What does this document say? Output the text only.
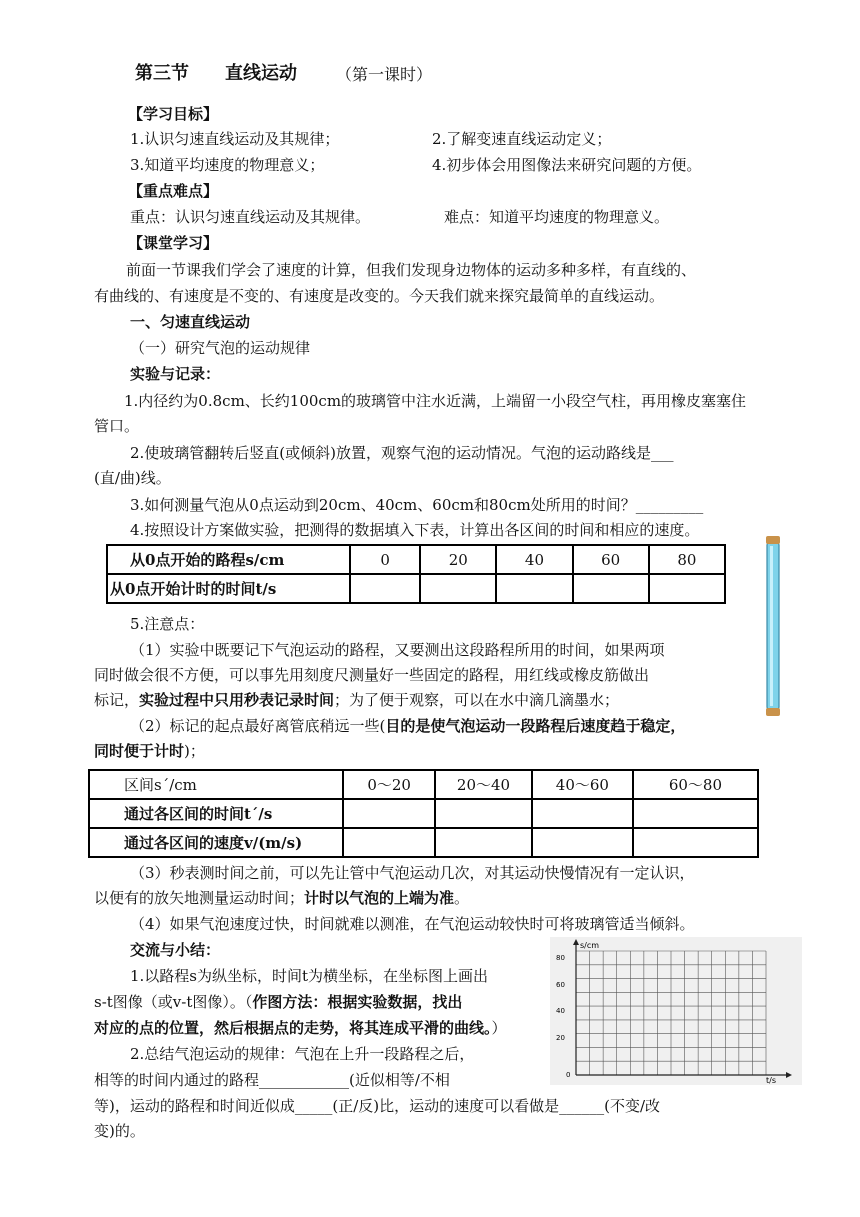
第三节 直线运动 （第一课时）
【学习目标】
1.认识匀速直线运动及其规律；	2.了解变速直线运动定义；
3.知道平均速度的物理意义；	4.初步体会用图像法来研究问题的方便。
【重点难点】
重点：认识匀速直线运动及其规律。	难点：知道平均速度的物理意义。
【课堂学习】
前面一节课我们学会了速度的计算，但我们发现身边物体的运动多种多样，有直线的、
有曲线的、有速度是不变的、有速度是改变的。今天我们就来探究最简单的直线运动。
一、匀速直线运动
（一）研究气泡的运动规律
实验与记录：
1.内径约为0.8cm、长约100cm的玻璃管中注水近满，上端留一小段空气柱，再用橡皮塞塞住
管口。
2.使玻璃管翻转后竖直(或倾斜)放置，观察气泡的运动情况。气泡的运动路线是___
(直/曲)线。
3.如何测量气泡从0点运动到20cm、40cm、60cm和80cm处所用的时间？_________
4.按照设计方案做实验，把测得的数据填入下表，计算出各区间的时间和相应的速度。
从0点开始的路程s/cm	0	20	40	60	80
从0点开始计时的时间t/s					
5.注意点：
（1）实验中既要记下气泡运动的路程，又要测出这段路程所用的时间，如果两项
同时做会很不方便，可以事先用刻度尺测量好一些固定的路程，用红线或橡皮筋做出
标记，实验过程中只用秒表记录时间；为了便于观察，可以在水中滴几滴墨水；
（2）标记的起点最好离管底稍远一些(目的是使气泡运动一段路程后速度趋于稳定，
同时便于计时)；
区间s´/cm	0～20	20～40	40～60	60～80
通过各区间的时间t´/s				
通过各区间的速度v/(m/s)				
（3）秒表测时间之前，可以先让管中气泡运动几次，对其运动快慢情况有一定认识，
以便有的放矢地测量运动时间；计时以气泡的上端为准。
（4）如果气泡速度过快，时间就难以测准，在气泡运动较快时可将玻璃管适当倾斜。
交流与小结：
1.以路程s为纵坐标，时间t为横坐标，在坐标图上画出
s-t图像（或v-t图像）。（作图方法：根据实验数据，找出
对应的点的位置，然后根据点的走势，将其连成平滑的曲线。）
2.总结气泡运动的规律：气泡在上升一段路程之后，
相等的时间内通过的路程____________(近似相等/不相
等)，运动的路程和时间近似成_____(正/反)比，运动的速度可以看做是______(不变/改
变)的。
s/cm
t/s
80
60
40
20
0
